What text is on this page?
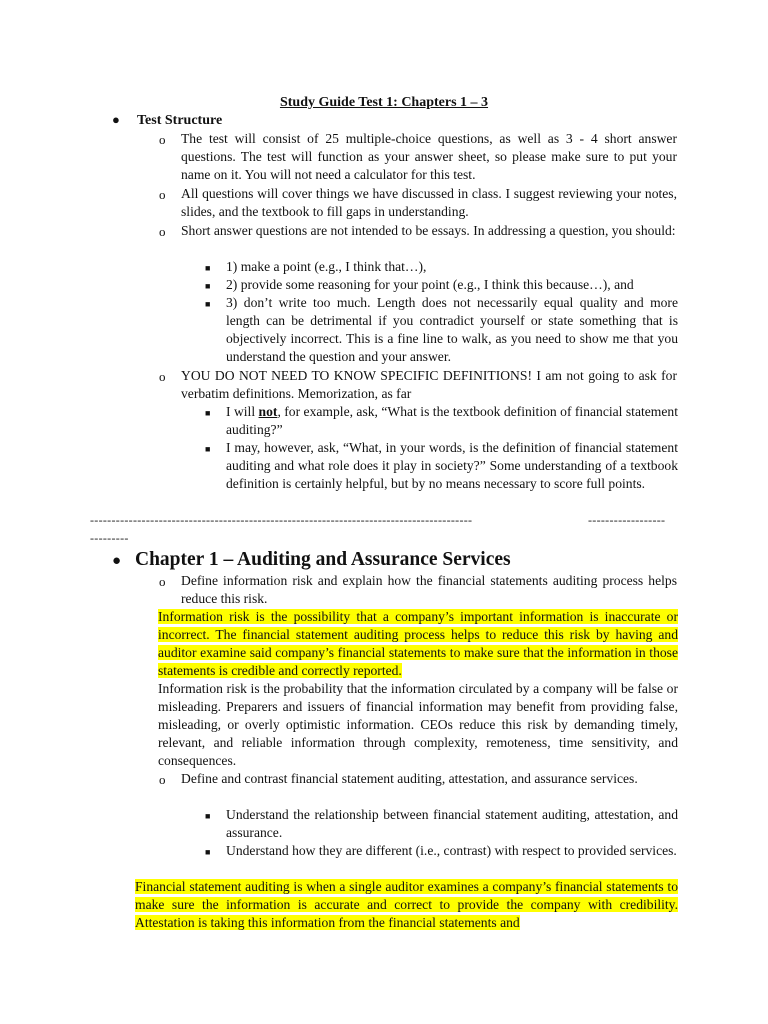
Study Guide Test 1: Chapters 1 – 3
● Test Structure
o The test will consist of 25 multiple-choice questions, as well as 3 - 4 short answer questions. The test will function as your answer sheet, so please make sure to put your name on it. You will not need a calculator for this test.
o All questions will cover things we have discussed in class. I suggest reviewing your notes, slides, and the textbook to fill gaps in understanding.
o Short answer questions are not intended to be essays. In addressing a question, you should:
■ 1) make a point (e.g., I think that…),
■ 2) provide some reasoning for your point (e.g., I think this because…), and
■ 3) don’t write too much. Length does not necessarily equal quality and more length can be detrimental if you contradict yourself or state something that is objectively incorrect. This is a fine line to walk, as you need to show me that you understand the question and your answer.
o YOU DO NOT NEED TO KNOW SPECIFIC DEFINITIONS! I am not going to ask for verbatim definitions. Memorization, as far
■ I will not, for example, ask, “What is the textbook definition of financial statement auditing?”
■ I may, however, ask, “What, in your words, is the definition of financial statement auditing and what role does it play in society?” Some understanding of a textbook definition is certainly helpful, but by no means necessary to score full points.
-----------------------------------------------------------------------------------------	------------------
---------
● Chapter 1 – Auditing and Assurance Services
o Define information risk and explain how the financial statements auditing process helps reduce this risk.
Information risk is the possibility that a company’s important information is inaccurate or incorrect. The financial statement auditing process helps to reduce this risk by having and auditor examine said company’s financial statements to make sure that the information in those statements is credible and correctly reported.
Information risk is the probability that the information circulated by a company will be false or misleading. Preparers and issuers of financial information may benefit from providing false, misleading, or overly optimistic information. CEOs reduce this risk by demanding timely, relevant, and reliable information through complexity, remoteness, time sensitivity, and consequences.
o Define and contrast financial statement auditing, attestation, and assurance services.
■ Understand the relationship between financial statement auditing, attestation, and assurance.
■ Understand how they are different (i.e., contrast) with respect to provided services.
Financial statement auditing is when a single auditor examines a company’s financial statements to make sure the information is accurate and correct to provide the company with credibility. Attestation is taking this information from the financial statements and
